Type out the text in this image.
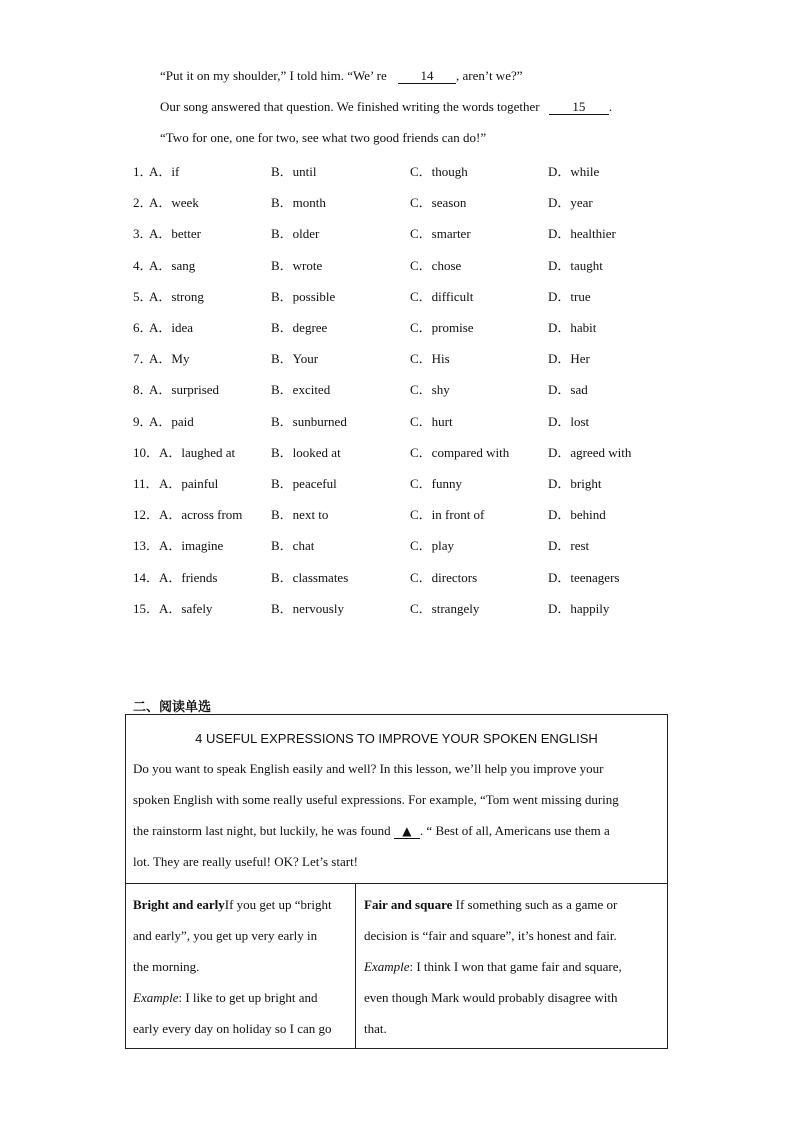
“Put it on my shoulder,” I told him. “We’ re	14 , aren’t we?”
Our song answered that question. We finished writing the words together	15 .
“Two for one, one for two, see what two good friends can do!”
1．
A．if	B．until	C．though	D．while
2．
A．week	B．month	C．season	D．year
3．
A．better	B．older	C．smarter	D．healthier
4．
A．sang	B．wrote	C．chose	D．taught
5．
A．strong	B．possible	C．difficult	D．true
6．
A．idea	B．degree	C．promise	D．habit
7．
A．My	B．Your	C．His	D．Her
8．
A．surprised	B．excited	C．shy	D．sad
9．
A．paid	B．sunburned	C．hurt	D．lost
10． A．laughed at	B．looked at	C．compared with	D．agreed with
11． A．painful	B．peaceful	C．funny	D．bright
12． A．across from B．next to	C．in front of	D．behind
13． A．imagine	B．chat	C．play	D．rest
14． A．friends	B．classmates	C．directors	D．teenagers
15． A．safely	B．nervously	C．strangely	D．happily
二、阅读单选
4 USEFUL EXPRESSIONS TO IMPROVE YOUR SPOKEN ENGLISH
Do you want to speak English easily and well? In this lesson, we’ll help you improve your
spoken English with some really useful expressions. For example, “Tom went missing during
the rainstorm last night, but luckily, he was found ▲ . “ Best of all, Americans use them a
lot. They are really useful! OK? Let’s start!
Bright and earlyIf you get up “bright
and early”, you get up very early in
the morning.
Example: I like to get up bright and
early every day on holiday so I can go
Fair and square If something such as a game or
decision is “fair and square”, it’s honest and fair.
Example: I think I won that game fair and square,
even though Mark would probably disagree with
that.
